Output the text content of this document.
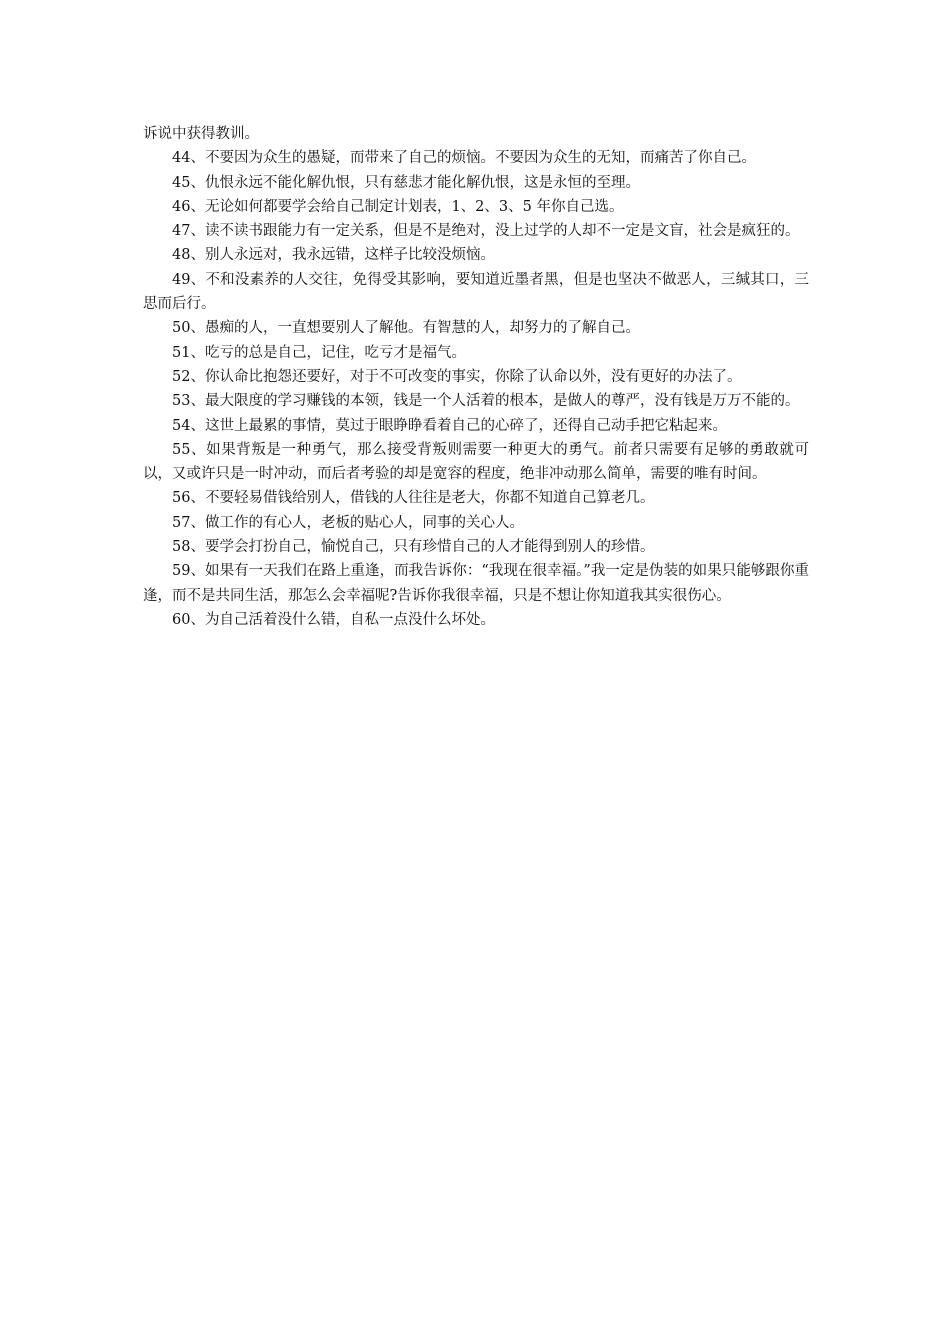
诉说中获得教训。

44、不要因为众生的愚疑，而带来了自己的烦恼。不要因为众生的无知，而痛苦了你自己。

45、仇恨永远不能化解仇恨，只有慈悲才能化解仇恨，这是永恒的至理。

46、无论如何都要学会给自己制定计划表，1、2、3、5 年你自己选。

47、读不读书跟能力有一定关系，但是不是绝对，没上过学的人却不一定是文盲，社会是疯狂的。

48、别人永远对，我永远错，这样子比较没烦恼。

49、不和没素养的人交往，免得受其影响，要知道近墨者黑，但是也坚决不做恶人，三缄其口，三思而后行。

50、愚痴的人，一直想要别人了解他。有智慧的人，却努力的了解自己。

51、吃亏的总是自己，记住，吃亏才是福气。

52、你认命比抱怨还要好，对于不可改变的事实，你除了认命以外，没有更好的办法了。

53、最大限度的学习赚钱的本领，钱是一个人活着的根本，是做人的尊严，没有钱是万万不能的。

54、这世上最累的事情，莫过于眼睁睁看着自己的心碎了，还得自己动手把它粘起来。

55、如果背叛是一种勇气，那么接受背叛则需要一种更大的勇气。前者只需要有足够的勇敢就可以，又或许只是一时冲动，而后者考验的却是宽容的程度，绝非冲动那么简单，需要的唯有时间。

56、不要轻易借钱给别人，借钱的人往往是老大，你都不知道自己算老几。

57、做工作的有心人，老板的贴心人，同事的关心人。

58、要学会打扮自己，愉悦自己，只有珍惜自己的人才能得到别人的珍惜。

59、如果有一天我们在路上重逢，而我告诉你：“我现在很幸福。”我一定是伪装的如果只能够跟你重逢，而不是共同生活，那怎么会幸福呢?告诉你我很幸福，只是不想让你知道我其实很伤心。

60、为自己活着没什么错，自私一点没什么坏处。
